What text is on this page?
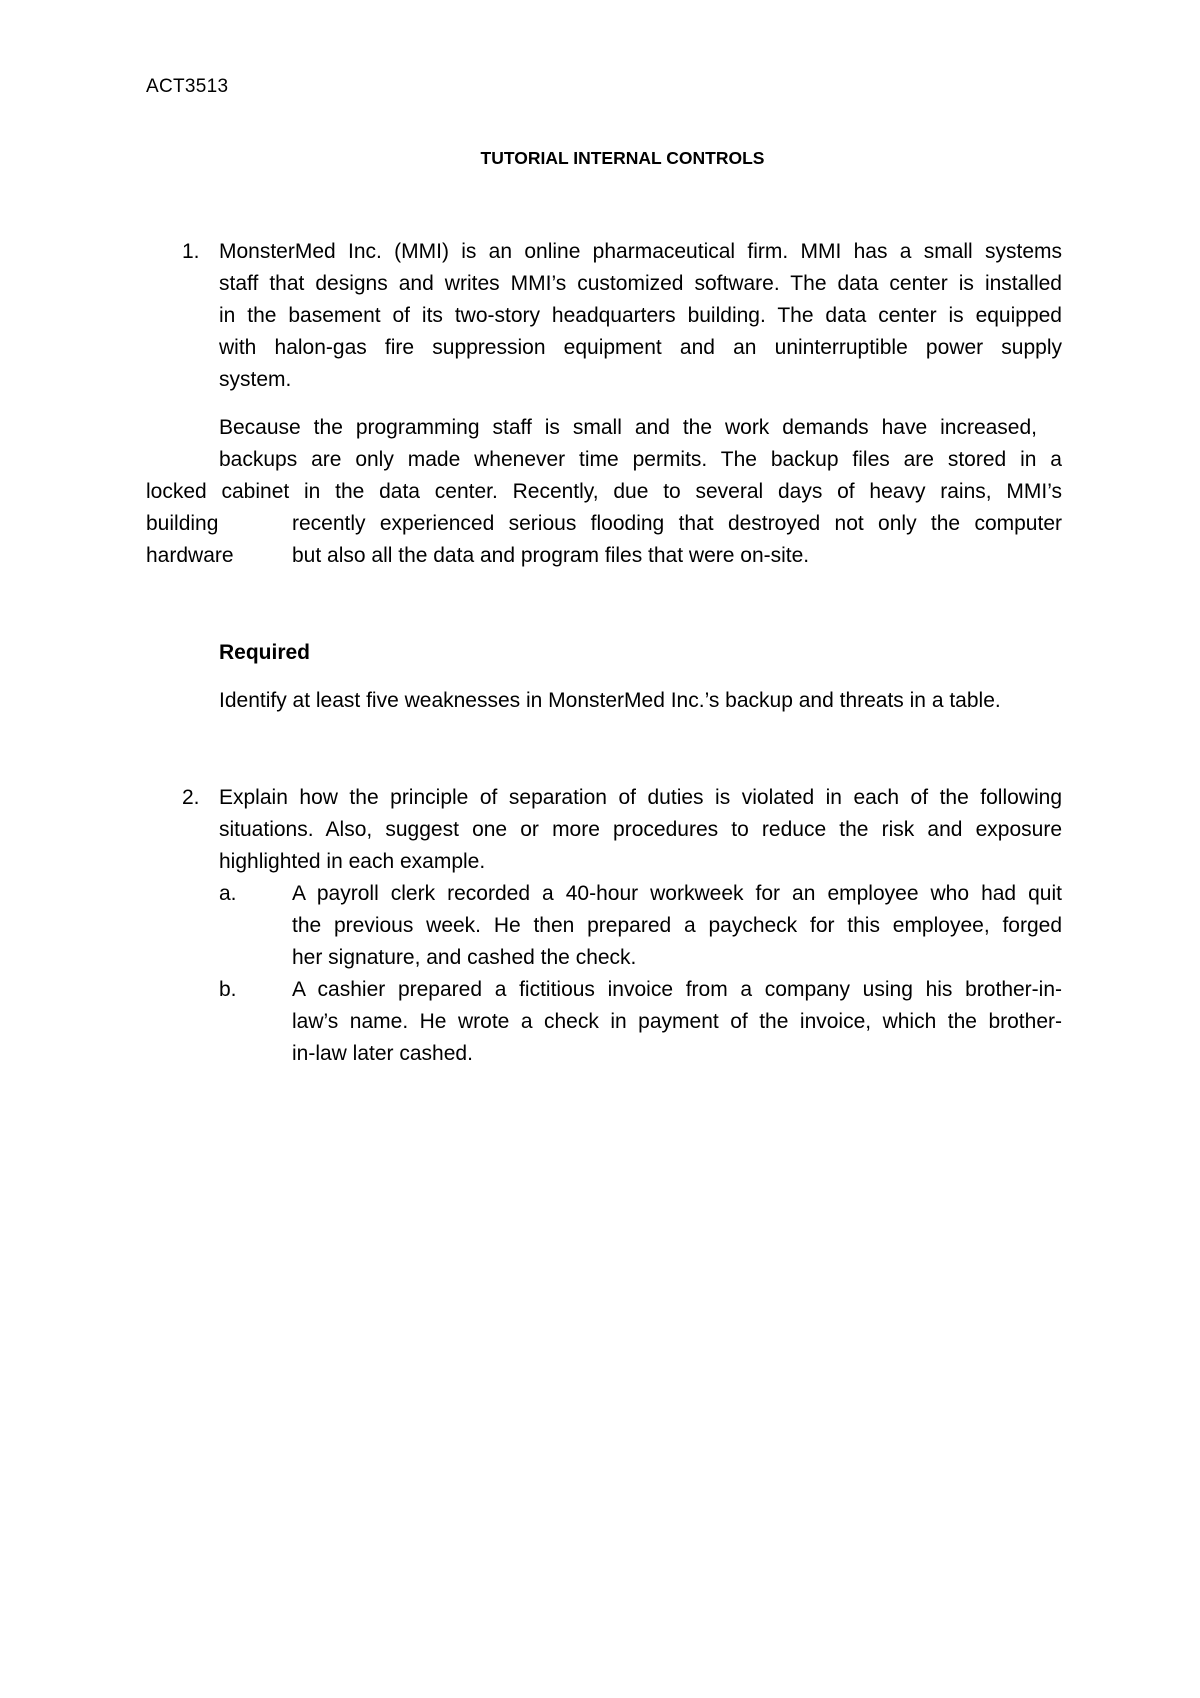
ACT3513
TUTORIAL INTERNAL CONTROLS
1. MonsterMed Inc. (MMI) is an online pharmaceutical firm. MMI has a small systems
staff that designs and writes MMI’s customized software. The data center is installed
in the basement of its two-story headquarters building. The data center is equipped
with halon-gas fire suppression equipment and an uninterruptible power supply
system.
Because the programming staff is small and the work demands have increased,
backups are only made whenever time permits. The backup files are stored in a
locked cabinet in the data center. Recently, due to several days of heavy rains, MMI’s
building	recently experienced serious flooding that destroyed not only the computer
hardware	but also all the data and program files that were on-site.
Required
Identify at least five weaknesses in MonsterMed Inc.’s backup and threats in a table.
2. Explain how the principle of separation of duties is violated in each of the following
situations. Also, suggest one or more procedures to reduce the risk and exposure
highlighted in each example.
a.	A payroll clerk recorded a 40-hour workweek for an employee who had quit
the previous week. He then prepared a paycheck for this employee, forged
her signature, and cashed the check.
b.	A cashier prepared a fictitious invoice from a company using his brother-in-
law’s name. He wrote a check in payment of the invoice, which the brother-
in-law later cashed.
